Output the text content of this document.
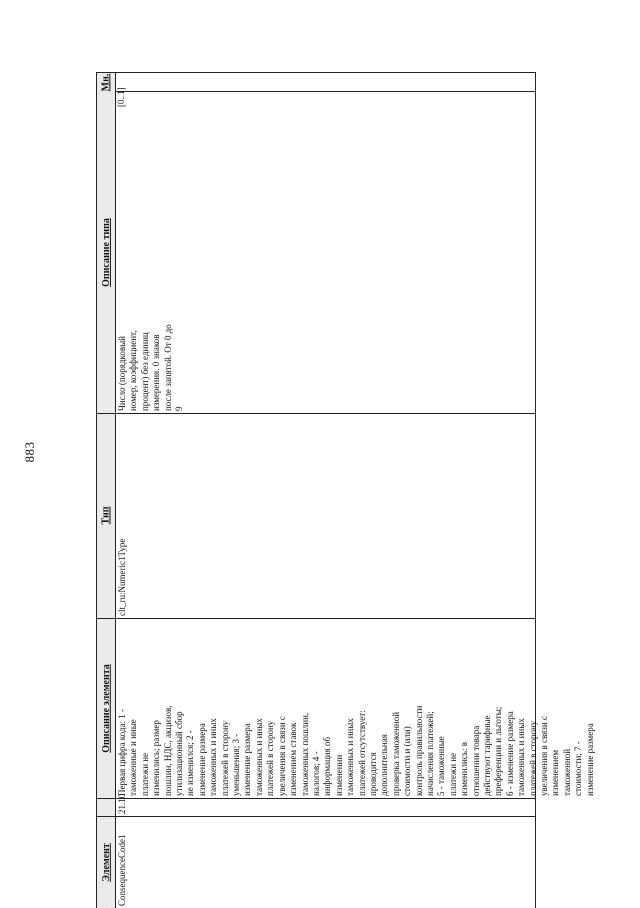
883
Мн.
Описание типа
Тип
Описание элемента
Элемент
[0..1]
Число (порядковый номер, коэффициент, процент) без единиц измерения. 0 знаков после запятой. От 0 до 9
clt_ru:Numeric1Type
Первая цифра кода: 1 - таможенные и иные платежи не изменились; размер пошлин, НДС, акцизов, утилизационный сбор не изменился; 2 - изменение размера таможенных и иных платежей в сторону уменьшения; 3 - изменение размера таможенных и иных платежей в сторону увеличения в связи с изменением ставок таможенных пошлин, налогов; 4 - информация об изменении таможенных и иных платежей отсутствует: проводится дополнительная проверка таможенной стоимости и (или) контроль правильности начисления платежей; 5 - таможенные платежи не изменились: в отношении товара действуют тарифные преференции и льготы; 6 - изменение размера таможенных и иных платежей в сторону увеличения в связи с изменением таможенной стоимости; 7 - изменение размера
21.10
ConsequenceCode1
